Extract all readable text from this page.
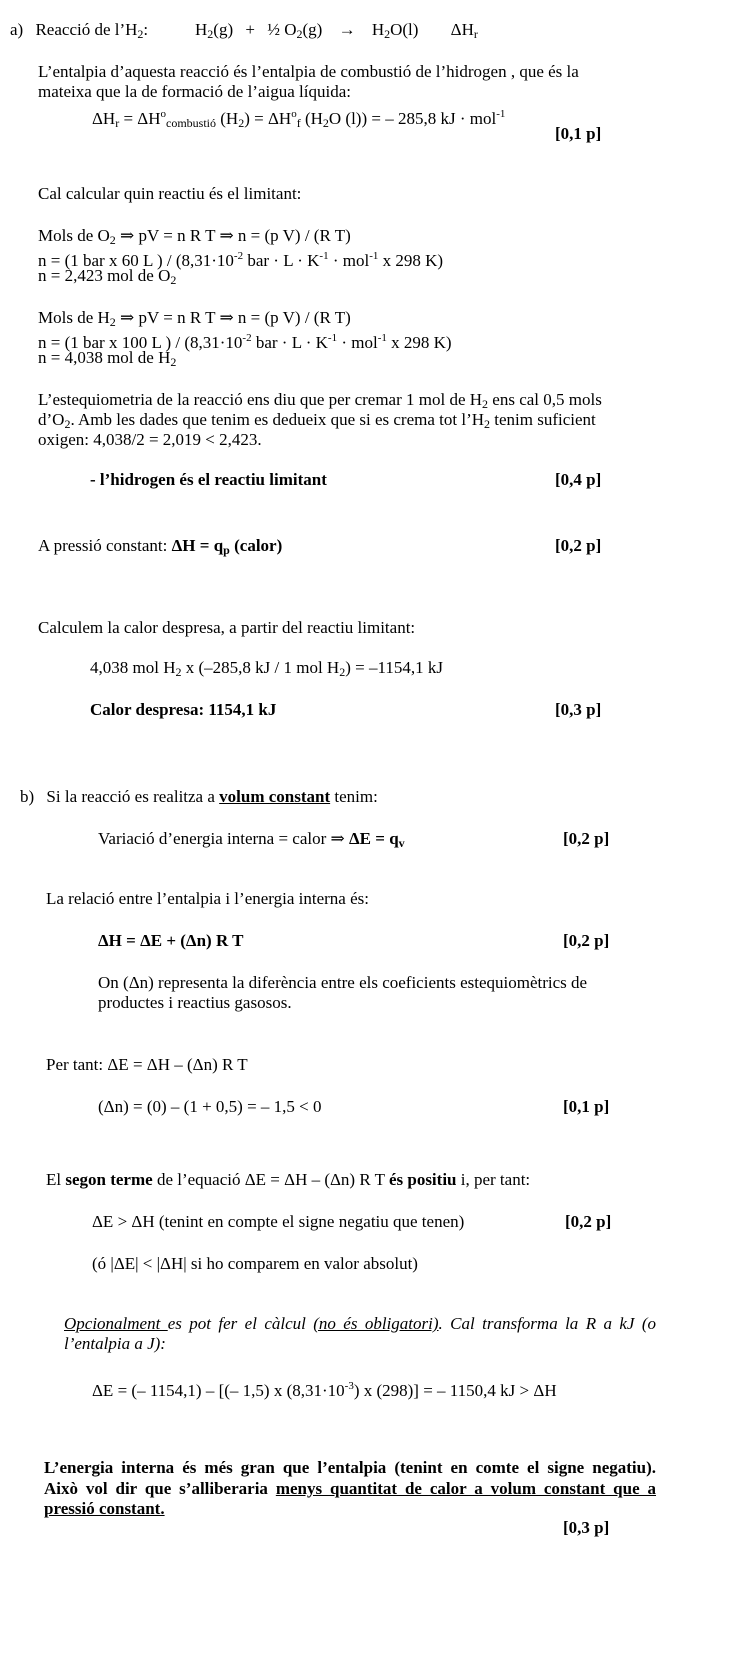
a) Reacció de $l’H_2$:	$H_2(g)$ + ½ $O_2(g) \to H_2O(l)$ $\Delta H_r$
L’entalpia d’aquesta reacció és l’entalpia de combustió de l’hidrogen , que és la
mateixa que la de formació de l’aigua líquida:
$\Delta H_r = \Delta H^o_{combustió}$ $(H_2) = \Delta H^o_f$ ($H_2O$ (l)) = – 285,8 kJ · mol$^{-1}$
[0,1 p]
Cal calcular quin reactiu és el limitant:
Mols de $O_2$ ⇒ pV = n R T ⇒ n = (p V) / (R T)
n = (1 bar x 60 L ) / ($8,31\cdot 10^{-2}$ bar · $L \cdot K^{-1} \cdot mol^{-1}$ x 298 K)
n = 2,423 mol de $O_2$
Mols de $H_2$ ⇒ pV = n R T ⇒ n = (p V) / (R T)
n = (1 bar x 100 L ) / ($8,31\cdot 10^{-2}$ bar · $L \cdot K^{-1} \cdot mol^{-1}$ x 298 K)
n = 4,038 mol de $H_2$
L’estequiometria de la reacció ens diu que per cremar 1 mol de $H_2$ ens cal 0,5 mols
$d’O_2$. Amb les dades que tenim es dedueix que si es crema tot $l’H_2$ tenim suficient
oxigen: 4,038/2 = 2,019 < 2,423.
- l’hidrogen és el reactiu limitant	[0,4 p]
A pressió constant: $\Delta H = q_p$ (calor)	[0,2 p]
Calculem la calor despresa, a partir del reactiu limitant:
4,038 mol $H_2$ x (–285,8 kJ / 1 mol $H_2) = -1154,1$ kJ
Calor despresa: 1154,1 kJ	[0,3 p]
b) Si la reacció es realitza a volum constant tenim:
Variació d’energia interna = calor ⇒ $\Delta E = q_v$	[0,2 p]
La relació entre l’entalpia i l’energia interna és:
ΔH = ΔE + (Δn) R T	[0,2 p]
On (Δn) representa la diferència entre els coeficients estequiomètrics de
productes i reactius gasosos.
Per tant: ΔE = ΔH – (Δn) R T
(Δn) = (0) – (1 + 0,5) = – 1,5 < 0	[0,1 p]
El segon terme de l’equació ΔE = ΔH – (Δn) R T és positiu i, per tant:
ΔE > ΔH (tenint en compte el signe negatiu que tenen)	[0,2 p]
(ó |ΔE| < |ΔH| si ho comparem en valor absolut)
Opcionalment es pot fer el càlcul (no és obligatori). Cal transforma la R a kJ (o
l’entalpia a J):
ΔE = (– 1154,1) – [(– 1,5) x $(8,31\cdot 10^{-3})$ x (298)] = – 1150,4 kJ > ΔH
L’energia interna és més gran que l’entalpia (tenint en comte el signe negatiu).
Això vol dir que s’alliberaria menys quantitat de calor a volum constant que a
pressió constant.
[0,3 p]
